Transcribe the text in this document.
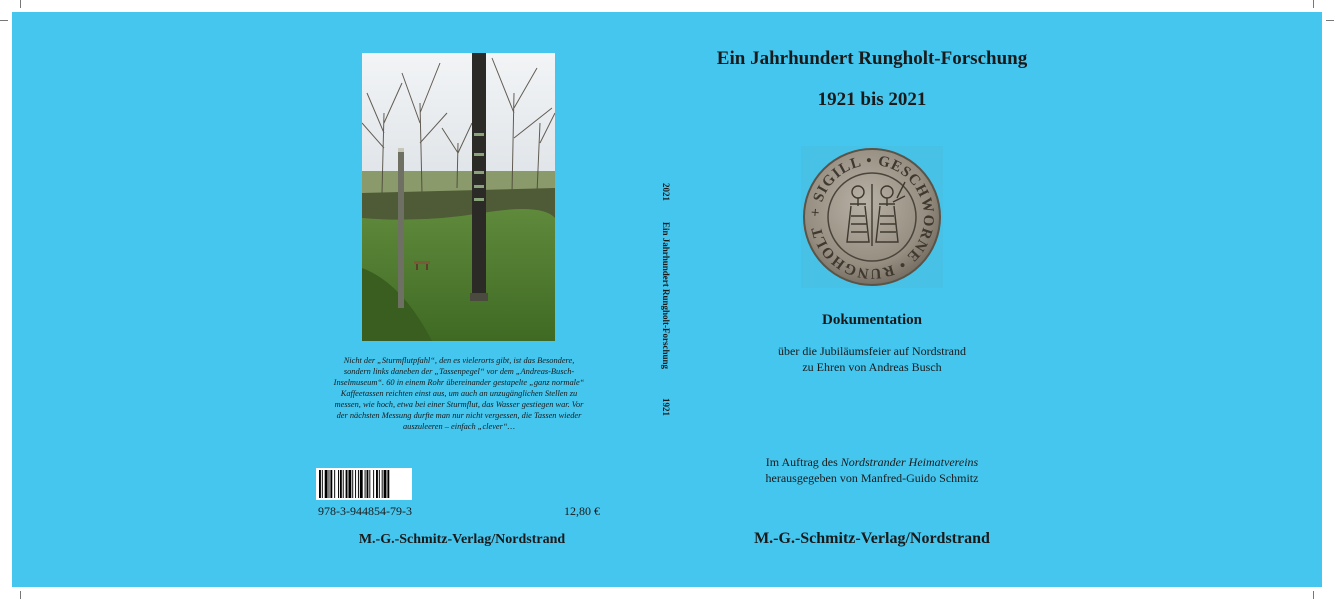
Nicht der „Sturmflutpfahl“, den es vielerorts gibt, ist das Besondere,
sondern links daneben der „Tassenpegel“ vor dem „Andreas-Busch-
Inselmuseum“. 60 in einem Rohr übereinander gestapelte „ganz normale“
Kaffeetassen reichten einst aus, um auch an unzugänglichen Stellen zu
messen, wie hoch, etwa bei einer Sturmflut, das Wasser gestiegen war. Vor
der nächsten Messung durfte man nur nicht vergessen, die Tassen wieder
auszuleeren – einfach „clever“…
978-3-944854-79-3	12,80 €
M.-G.-Schmitz-Verlag/Nordstrand
2021
Ein Jahrhundert Rungholt-Forschung
1921
Ein Jahrhundert Rungholt-Forschung
1921 bis 2021
+ SIGILL • GESCHWORNE • RUNGHOLT
Dokumentation
über die Jubiläumsfeier auf Nordstrand
zu Ehren von Andreas Busch
Im Auftrag des Nordstrander Heimatvereins
herausgegeben von Manfred-Guido Schmitz
M.-G.-Schmitz-Verlag/Nordstrand
